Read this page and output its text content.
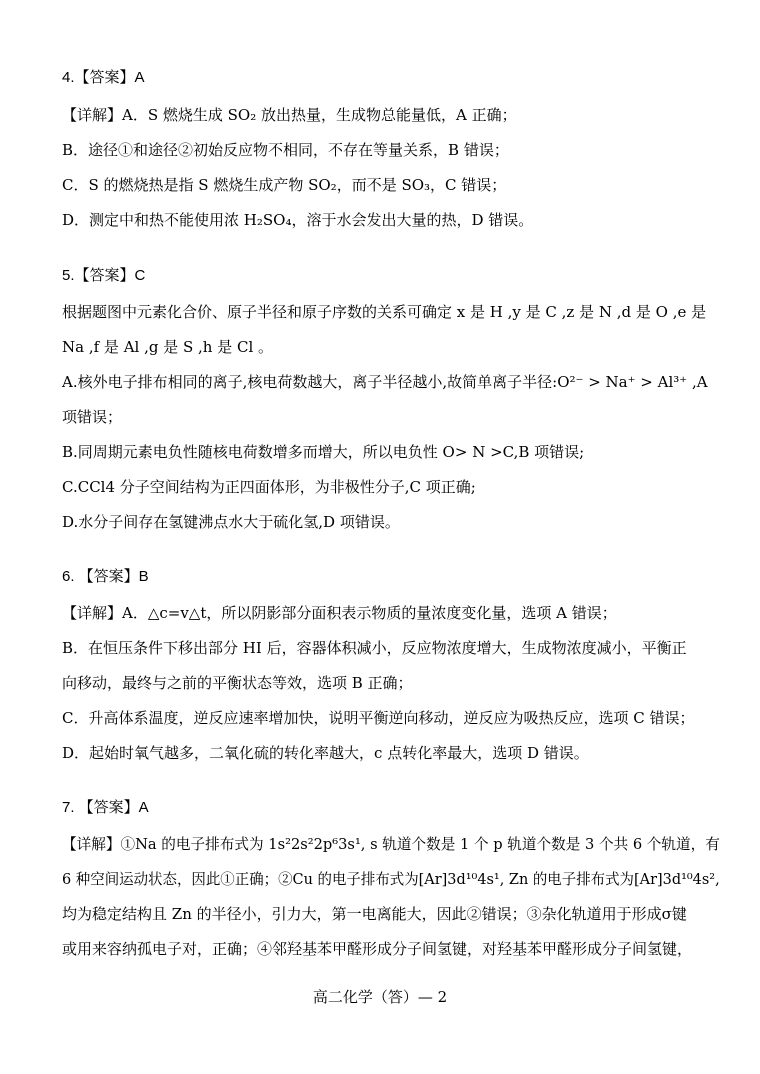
4.【答案】A
【详解】A．S 燃烧生成 SO₂ 放出热量，生成物总能量低，A 正确；
B．途径①和途径②初始反应物不相同，不存在等量关系，B 错误；
C．S 的燃烧热是指 S 燃烧生成产物 SO₂，而不是 SO₃，C 错误；
D．测定中和热不能使用浓 H₂SO₄，溶于水会发出大量的热，D 错误。
5.【答案】C
根据题图中元素化合价、原子半径和原子序数的关系可确定 x 是 H ,y 是 C ,z 是 N ,d 是 O ,e 是
Na ,f 是 Al ,g 是 S ,h 是 Cl 。
A.核外电子排布相同的离子,核电荷数越大，离子半径越小,故简单离子半径:O²⁻ > Na⁺ > Al³⁺ ,A
项错误；
B.同周期元素电负性随核电荷数增多而增大，所以电负性 O> N >C,B 项错误;
C.CCl4 分子空间结构为正四面体形，为非极性分子,C 项正确;
D.水分子间存在氢键沸点水大于硫化氢,D 项错误。
6. 【答案】B
【详解】A．△c=v△t，所以阴影部分面积表示物质的量浓度变化量，选项 A 错误；
B．在恒压条件下移出部分 HI 后，容器体积减小，反应物浓度增大，生成物浓度减小，平衡正
向移动，最终与之前的平衡状态等效，选项 B 正确；
C．升高体系温度，逆反应速率增加快，说明平衡逆向移动，逆反应为吸热反应，选项 C 错误；
D．起始时氧气越多，二氧化硫的转化率越大，c 点转化率最大，选项 D 错误。
7. 【答案】A
【详解】①Na 的电子排布式为 1s²2s²2p⁶3s¹, s 轨道个数是 1 个 p 轨道个数是 3 个共 6 个轨道，有
6 种空间运动状态，因此①正确；②Cu 的电子排布式为[Ar]3d¹⁰4s¹, Zn 的电子排布式为[Ar]3d¹⁰4s²,
均为稳定结构且 Zn 的半径小，引力大，第一电离能大，因此②错误；③杂化轨道用于形成σ键
或用来容纳孤电子对，正确；④邻羟基苯甲醛形成分子间氢键，对羟基苯甲醛形成分子间氢键，
高二化学（答）— 2
